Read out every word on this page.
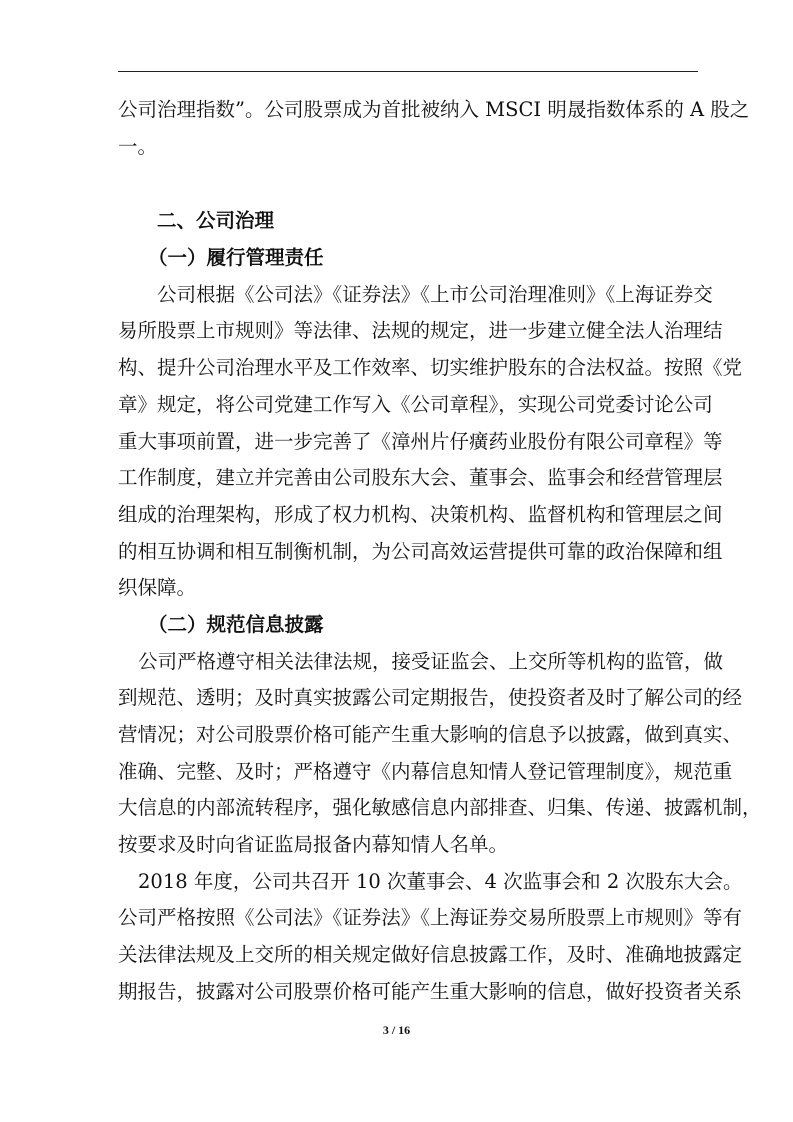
公司治理指数”。公司股票成为首批被纳入 MSCI 明晟指数体系的 A 股之
一。
二、公司治理
（一）履行管理责任
公司根据《公司法》《证券法》《上市公司治理准则》《上海证券交
易所股票上市规则》等法律、法规的规定，进一步建立健全法人治理结
构、提升公司治理水平及工作效率、切实维护股东的合法权益。按照《党
章》规定，将公司党建工作写入《公司章程》，实现公司党委讨论公司
重大事项前置，进一步完善了《漳州片仔癀药业股份有限公司章程》等
工作制度，建立并完善由公司股东大会、董事会、监事会和经营管理层
组成的治理架构，形成了权力机构、决策机构、监督机构和管理层之间
的相互协调和相互制衡机制，为公司高效运营提供可靠的政治保障和组
织保障。
（二）规范信息披露
公司严格遵守相关法律法规，接受证监会、上交所等机构的监管，做
到规范、透明；及时真实披露公司定期报告，使投资者及时了解公司的经
营情况；对公司股票价格可能产生重大影响的信息予以披露，做到真实、
准确、完整、及时；严格遵守《内幕信息知情人登记管理制度》，规范重
大信息的内部流转程序，强化敏感信息内部排查、归集、传递、披露机制，
按要求及时向省证监局报备内幕知情人名单。
2018 年度，公司共召开 10 次董事会、4 次监事会和 2 次股东大会。
公司严格按照《公司法》《证券法》《上海证券交易所股票上市规则》等有
关法律法规及上交所的相关规定做好信息披露工作，及时、准确地披露定
期报告，披露对公司股票价格可能产生重大影响的信息，做好投资者关系
3 / 16
